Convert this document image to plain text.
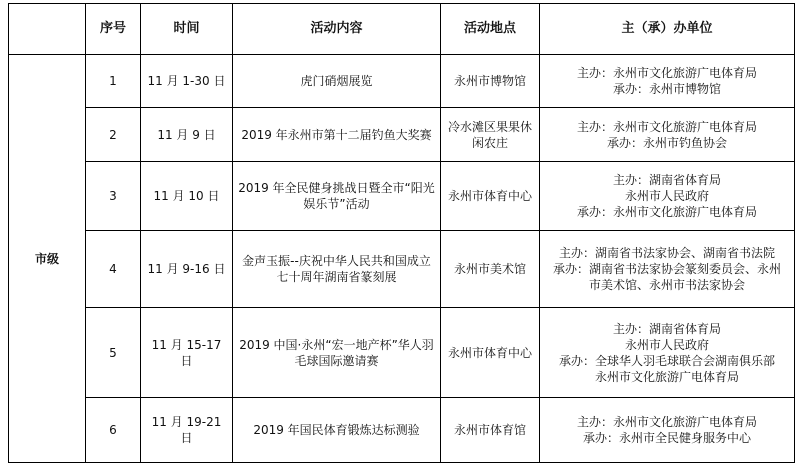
	序号	时间	活动内容	活动地点	主（承）办单位
市级	1	11 月 1-30 日	虎门硝烟展览	永州市博物馆	主办：永州市文化旅游广电体育局
承办：永州市博物馆

	2	11 月 9 日	2019 年永州市第十二届钓鱼大奖赛	冷水滩区果果休闲农庄	主办：永州市文化旅游广电体育局
承办：永州市钓鱼协会

	3	11 月 10 日	2019 年全民健身挑战日暨全市“阳光娱乐节”活动	永州市体育中心	主办：湖南省体育局
永州市人民政府
承办：永州市文化旅游广电体育局

	4	11 月 9-16 日	金声玉振--庆祝中华人民共和国成立七十周年湖南省篆刻展	永州市美术馆	主办：湖南省书法家协会、湖南省书法院
承办：湖南省书法家协会篆刻委员会、永州
市美术馆、永州市书法家协会

	5	11 月 15-17 日	2019 中国·永州“宏一地产杯”华人羽毛球国际邀请赛	永州市体育中心	主办：湖南省体育局
永州市人民政府
承办：全球华人羽毛球联合会湖南俱乐部
永州市文化旅游广电体育局

	6	11 月 19-21 日	2019 年国民体育锻炼达标测验	永州市体育馆	主办：永州市文化旅游广电体育局
承办：永州市全民健身服务中心
